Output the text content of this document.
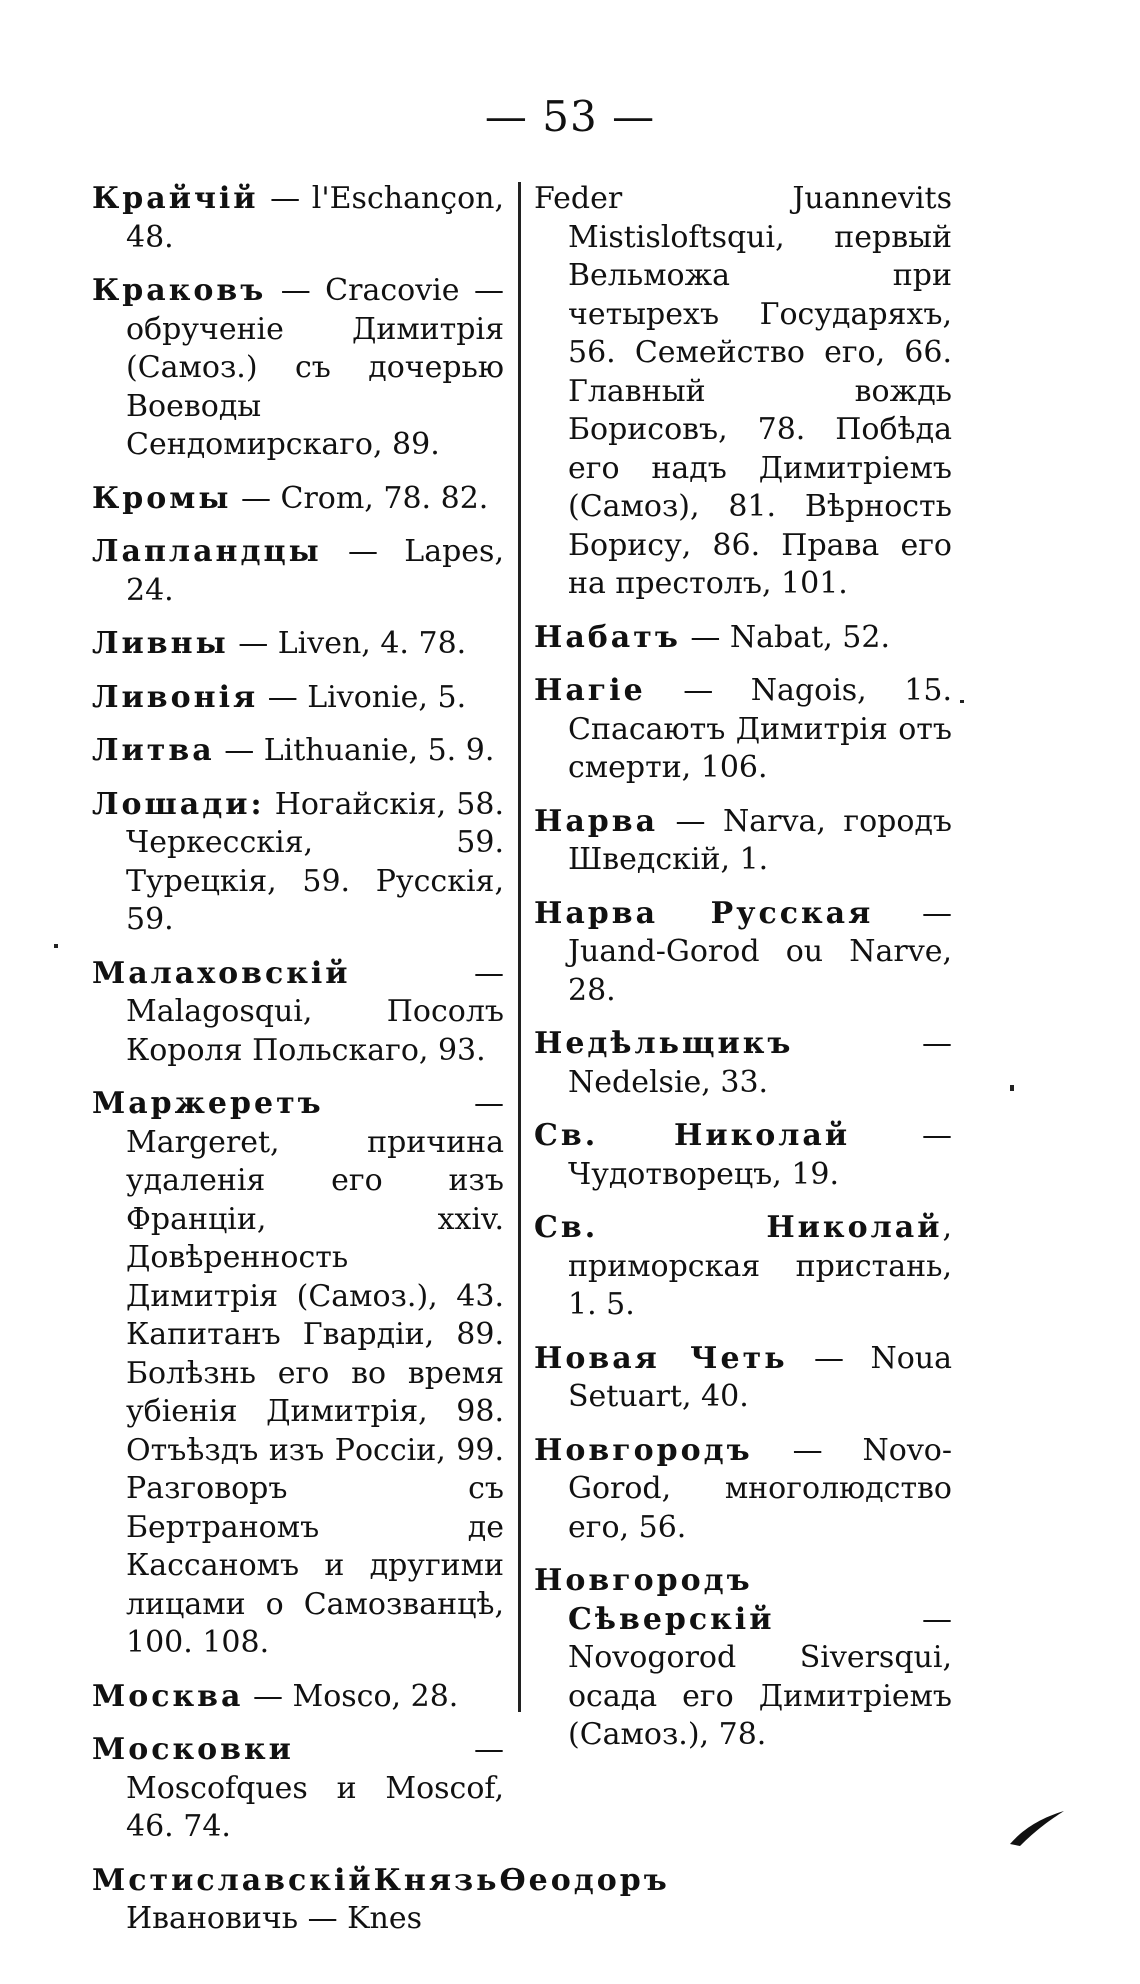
— 53 —

Крайчій — l'Eschançon, 48.

Краковъ — Cracovie — обрученіе Димитрія (Самоз.) съ дочерью Воеводы Сендомирскаго, 89.

Кромы — Crom, 78. 82.

Лапландцы — Lapes, 24.

Ливны — Liven, 4. 78.

Ливонія — Livonie, 5.

Литва — Lithuanie, 5. 9.

Лошади: Ногайскія, 58. Черкесскія, 59. Турецкія, 59. Русскія, 59.

Малаховскій — Malagosqui, Посолъ Короля Польскаго, 93.

Маржеретъ — Margeret, причина удаленія его изъ Франціи, xxiv. Довѣренность Димитрія (Самоз.), 43. Капитанъ Гвардіи, 89. Болѣзнь его во время убіенія Димитрія, 98. Отъѣздъ изъ Россіи, 99. Разговоръ съ Бертраномъ де Кассаномъ и другими лицами о Самозванцѣ, 100. 108.

Москва — Mosco, 28.

Московки — Moscofques и Moscof, 46. 74.

МстиславскійКнязьѲеодоръ Ивановичь — Knes

Feder Juannevits Mistisloftsqui, первый Вельможа при четырехъ Государяхъ, 56. Семейство его, 66. Главный вождь Борисовъ, 78. Побѣда его надъ Димитріемъ (Самоз), 81. Вѣрность Борису, 86. Права его на престолъ, 101.

Набатъ — Nabat, 52.

Нагіе — Nagois, 15. Спасаютъ Димитрія отъ смерти, 106.

Нарва — Narva, городъ Шведскій, 1.

Нарва Русская — Juand-Gorod ou Narve, 28.

Недѣльщикъ — Nedelsie, 33.

Св. Николай — Чудотворецъ, 19.

Св. Николай, приморская пристань, 1. 5.

Новая Четь — Noua Setuart, 40.

Новгородъ — Novo-Gorod, многолюдство его, 56.

Новгородъ Сѣверскій — Novogorod Siversqui, осада его Димитріемъ (Самоз.), 78.
